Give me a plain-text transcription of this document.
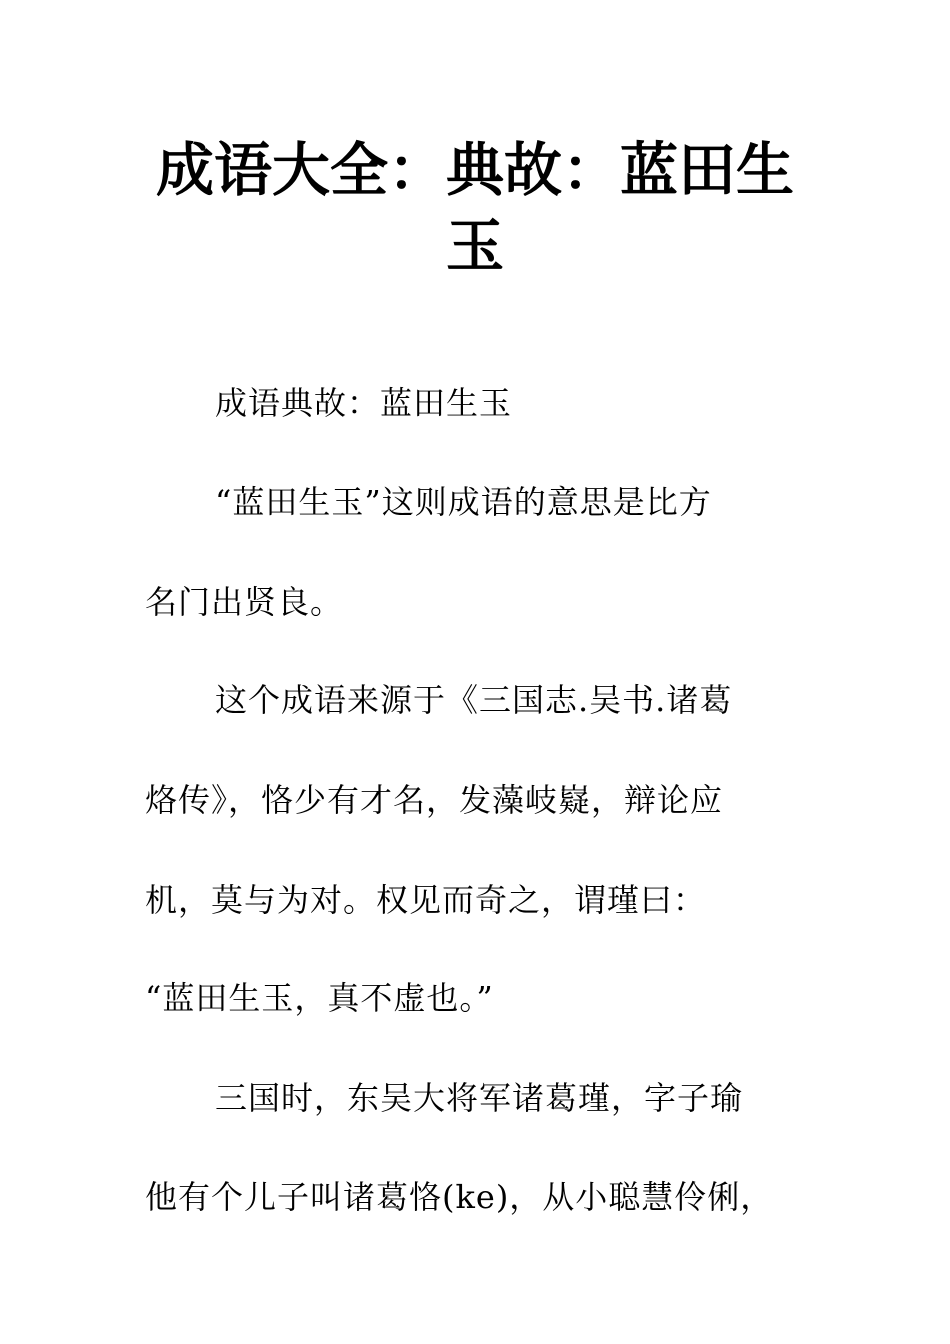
成语大全：典故：蓝田生
玉
成语典故：蓝田生玉
“蓝田生玉”这则成语的意思是比方
名门出贤良。
这个成语来源于《三国志.吴书.诸葛
烙传》，恪少有才名，发藻岐嶷，辩论应
机，莫与为对。权见而奇之，谓瑾曰：
“蓝田生玉，真不虚也。”
三国时，东吴大将军诸葛瑾，字子瑜
他有个儿子叫诸葛恪(ke)，从小聪慧伶俐，
